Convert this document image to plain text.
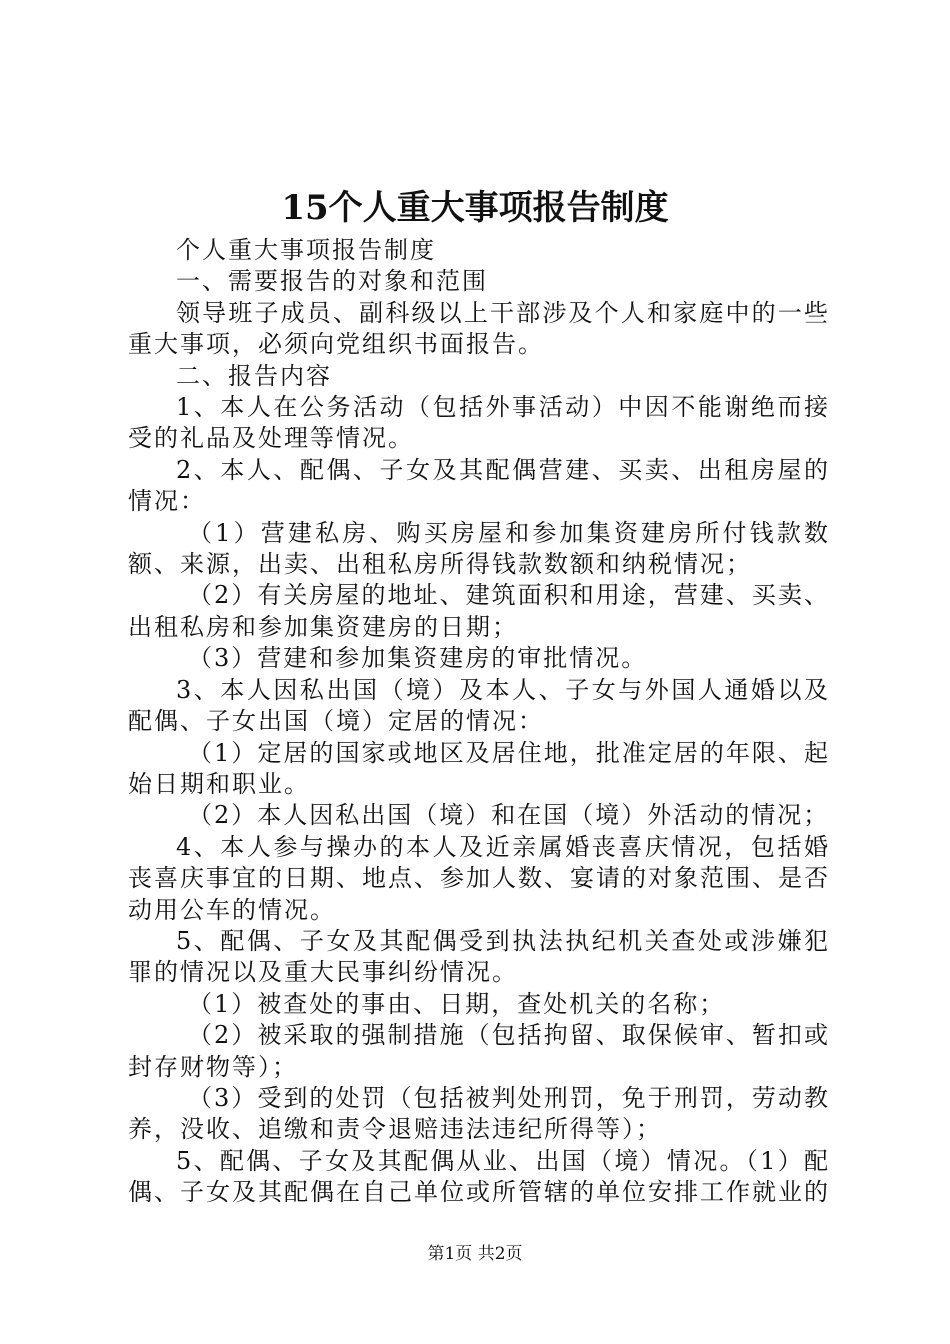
15个人重大事项报告制度

个人重大事项报告制度

一、需要报告的对象和范围

领导班子成员、副科级以上干部涉及个人和家庭中的一些重大事项，必须向党组织书面报告。

二、报告内容

1、本人在公务活动（包括外事活动）中因不能谢绝而接受的礼品及处理等情况。

2、本人、配偶、子女及其配偶营建、买卖、出租房屋的情况：

（1）营建私房、购买房屋和参加集资建房所付钱款数额、来源，出卖、出租私房所得钱款数额和纳税情况；

（2）有关房屋的地址、建筑面积和用途，营建、买卖、出租私房和参加集资建房的日期；

（3）营建和参加集资建房的审批情况。

3、本人因私出国（境）及本人、子女与外国人通婚以及配偶、子女出国（境）定居的情况：

（1）定居的国家或地区及居住地，批准定居的年限、起始日期和职业。

（2）本人因私出国（境）和在国（境）外活动的情况；

4、本人参与操办的本人及近亲属婚丧喜庆情况，包括婚丧喜庆事宜的日期、地点、参加人数、宴请的对象范围、是否动用公车的情况。

5、配偶、子女及其配偶受到执法执纪机关查处或涉嫌犯罪的情况以及重大民事纠纷情况。

（1）被查处的事由、日期，查处机关的名称；

（2）被采取的强制措施（包括拘留、取保候审、暂扣或封存财物等）；

（3）受到的处罚（包括被判处刑罚，免于刑罚，劳动教养，没收、追缴和责令退赔违法违纪所得等）；

5、配偶、子女及其配偶从业、出国（境）情况。（1）配偶、子女及其配偶在自己单位或所管辖的单位安排工作就业的

第1页 共2页
